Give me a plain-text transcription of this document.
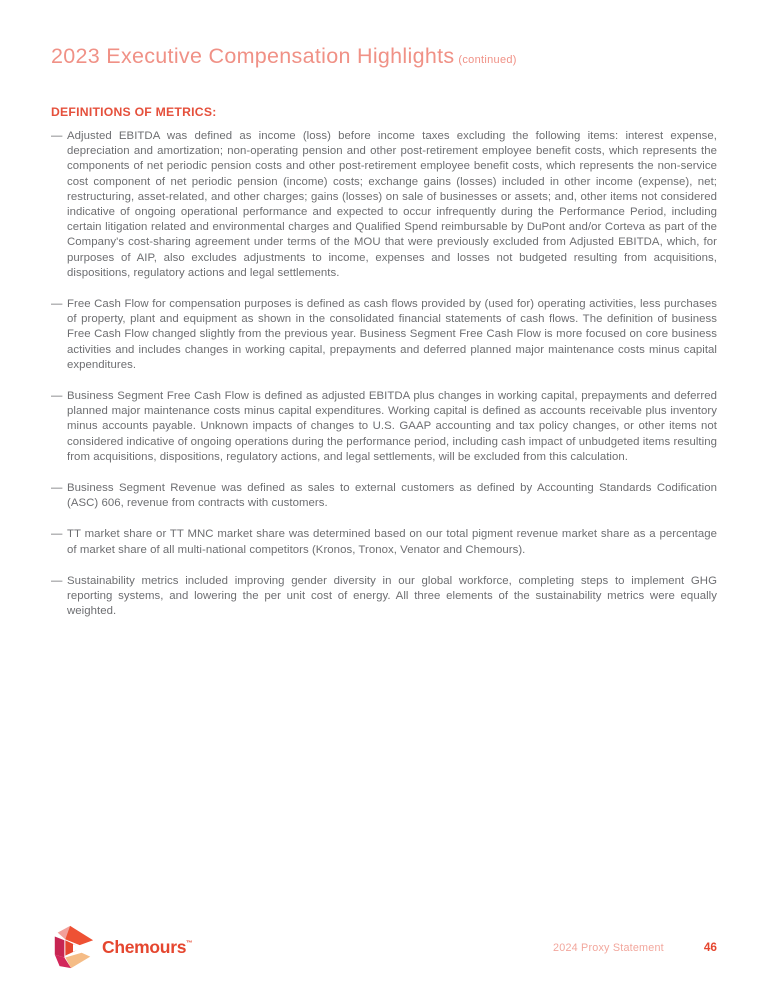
2023 Executive Compensation Highlights (continued)
DEFINITIONS OF METRICS:
— Adjusted EBITDA was defined as income (loss) before income taxes excluding the following items: interest expense, depreciation and amortization; non-operating pension and other post-retirement employee benefit costs, which represents the components of net periodic pension costs and other post-retirement employee benefit costs, which represents the non-service cost component of net periodic pension (income) costs; exchange gains (losses) included in other income (expense), net; restructuring, asset-related, and other charges; gains (losses) on sale of businesses or assets; and, other items not considered indicative of ongoing operational performance and expected to occur infrequently during the Performance Period, including certain litigation related and environmental charges and Qualified Spend reimbursable by DuPont and/or Corteva as part of the Company's cost-sharing agreement under terms of the MOU that were previously excluded from Adjusted EBITDA, which, for purposes of AIP, also excludes adjustments to income, expenses and losses not budgeted resulting from acquisitions, dispositions, regulatory actions and legal settlements.

— Free Cash Flow for compensation purposes is defined as cash flows provided by (used for) operating activities, less purchases of property, plant and equipment as shown in the consolidated financial statements of cash flows. The definition of business Free Cash Flow changed slightly from the previous year. Business Segment Free Cash Flow is more focused on core business activities and includes changes in working capital, prepayments and deferred planned major maintenance costs minus capital expenditures.

— Business Segment Free Cash Flow is defined as adjusted EBITDA plus changes in working capital, prepayments and deferred planned major maintenance costs minus capital expenditures. Working capital is defined as accounts receivable plus inventory minus accounts payable. Unknown impacts of changes to U.S. GAAP accounting and tax policy changes, or other items not considered indicative of ongoing operations during the performance period, including cash impact of unbudgeted items resulting from acquisitions, dispositions, regulatory actions, and legal settlements, will be excluded from this calculation.

— Business Segment Revenue was defined as sales to external customers as defined by Accounting Standards Codification (ASC) 606, revenue from contracts with customers.

— TT market share or TT MNC market share was determined based on our total pigment revenue market share as a percentage of market share of all multi-national competitors (Kronos, Tronox, Venator and Chemours).

— Sustainability metrics included improving gender diversity in our global workforce, completing steps to implement GHG reporting systems, and lowering the per unit cost of energy. All three elements of the sustainability metrics were equally weighted.

Chemours™	2024 Proxy Statement	46
